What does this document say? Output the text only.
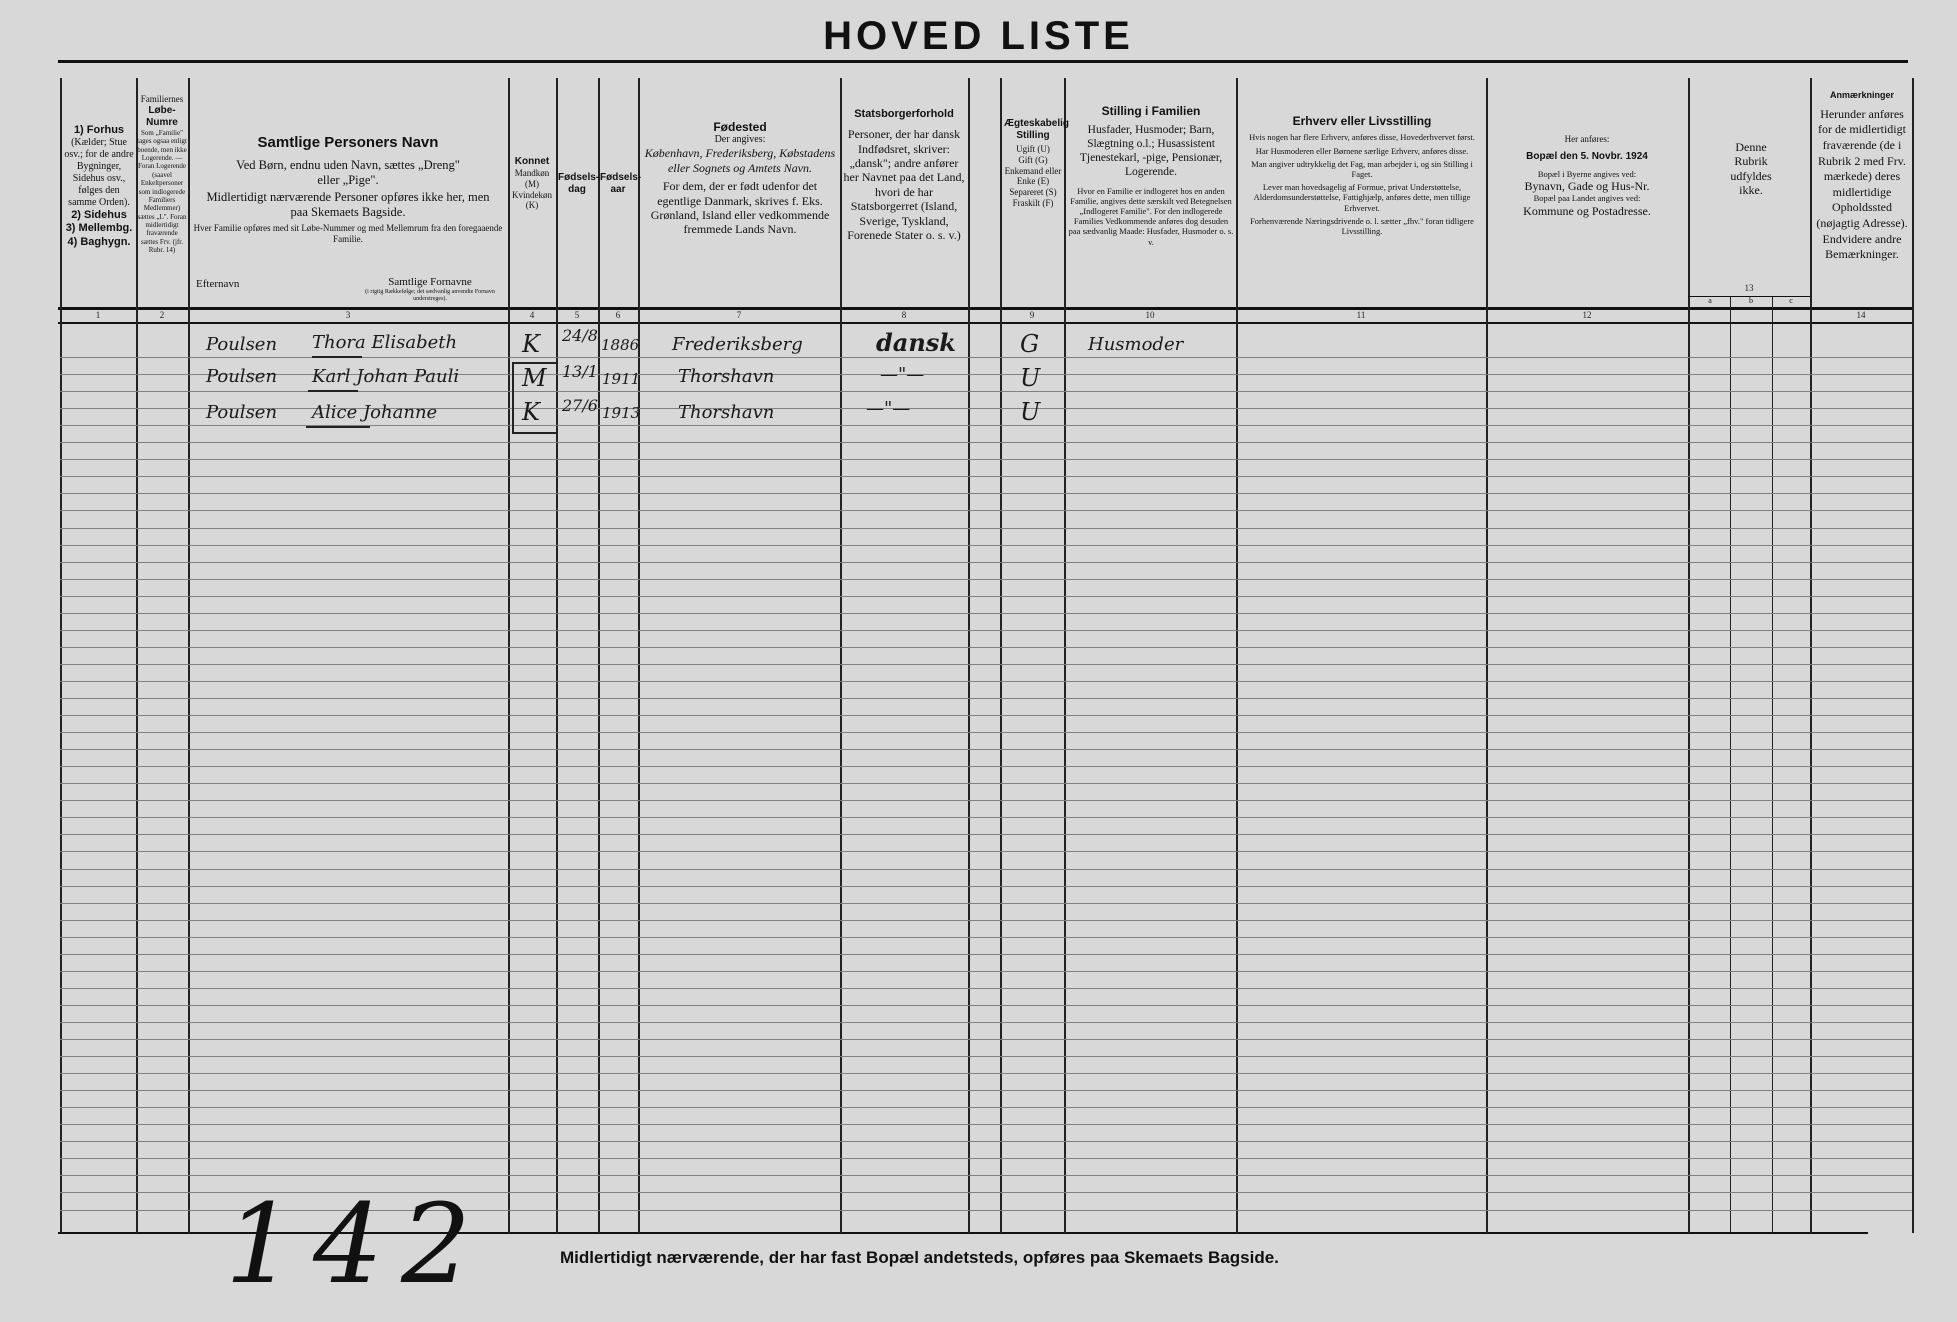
HOVED LISTE
1) Forhus
(Kælder; Stue osv.; for de andre Bygninger, Sidehus osv., følges den samme Orden).
2) Sidehus
3) Mellembg.
4) Baghygn.
Familiernes
Løbe-Numre
Som „Familie" tages ogsaa enligt boende, men ikke Logerende. — Foran Logerende (saavel Enkeltpersoner som indlogerede Familiers Medlemmer) sættes „L". Foran midlertidigt fraværende sættes Frv. (jfr. Rubr. 14)
Samtlige Personers Navn
Ved Børn, endnu uden Navn, sættes „Dreng" eller „Pige".
Midlertidigt nærværende Personer opføres ikke her, men paa Skemaets Bagside.
Hver Familie opføres med sit Løbe-Nummer og med Mellemrum fra den foregaaende Familie.
Efternavn	Samtlige Fornavne
(i rigtig Rækkefølge; det sædvanlig anvendte Fornavn understreges).
Konnet
Mandkøn (M)
Kvindekøn (K)
Fødsels-
dag
Fødsels-
aar
Fødested
Der angives:
København, Frederiksberg, Købstadens eller Sognets og Amtets Navn.
For dem, der er født udenfor det egentlige Danmark, skrives f. Eks. Grønland, Island eller vedkommende fremmede Lands Navn.
Statsborgerforhold
Personer, der har dansk Indfødsret, skriver: „dansk"; andre anfører her Navnet paa det Land, hvori de har Statsborgerret (Island, Sverige, Tyskland, Forenede Stater o. s. v.)
Ægteskabelig Stilling
Ugift (U)
Gift (G)
Enkemand eller Enke (E)
Separeret (S)
Fraskilt (F)
Stilling i Familien
Husfader, Husmoder; Barn, Slægtning o.l.; Husassistent Tjenestekarl, -pige, Pensionær, Logerende.
Hvor en Familie er indlogeret hos en anden Familie, angives dette særskilt ved Betegnelsen „Indlogeret Familie". For den indlogerede Families Vedkommende anføres dog desuden paa sædvanlig Maade: Husfader, Husmoder o. s. v.
Erhverv eller Livsstilling
Hvis nogen har flere Erhverv, anføres disse, Hovederhvervet først.
Har Husmoderen eller Børnene særlige Erhverv, anføres disse.
Man angiver udtrykkelig det Fag, man arbejder i, og sin Stilling i Faget.
Lever man hovedsagelig af Formue, privat Understøttelse, Alderdomsunderstøttelse, Fattighjælp, anføres dette, men tillige Erhvervet.
Forhenværende Næringsdrivende o. l. sætter „fhv." foran tidligere Livsstilling.
Her anføres:
Bopæl den 5. Novbr. 1924
Bopæl i Byerne angives ved:
Bynavn, Gade og Hus-Nr.
Bopæl paa Landet angives ved:
Kommune og Postadresse.
Denne Rubrik udfyldes ikke.
a	b	c
Anmærkninger
Herunder anføres for de midlertidigt fraværende (de i Rubrik 2 med Frv. mærkede) deres midlertidige Opholdssted (nøjagtig Adresse). Endvidere andre Bemærkninger.
1	2	3	4	5	6	7	8	9	10	11	12
13
14
Poulsen Thora Elisabeth	K 24/8 1886 Frederiksberg	dansk	G	Husmoder
Poulsen Karl Johan Pauli	M 13/1 1911 Thorshavn	—"—	U
Poulsen Alice Johanne	K 27/6 1913 Thorshavn	—"—	U
142	Midlertidigt nærværende, der har fast Bopæl andetsteds, opføres paa Skemaets Bagside.
